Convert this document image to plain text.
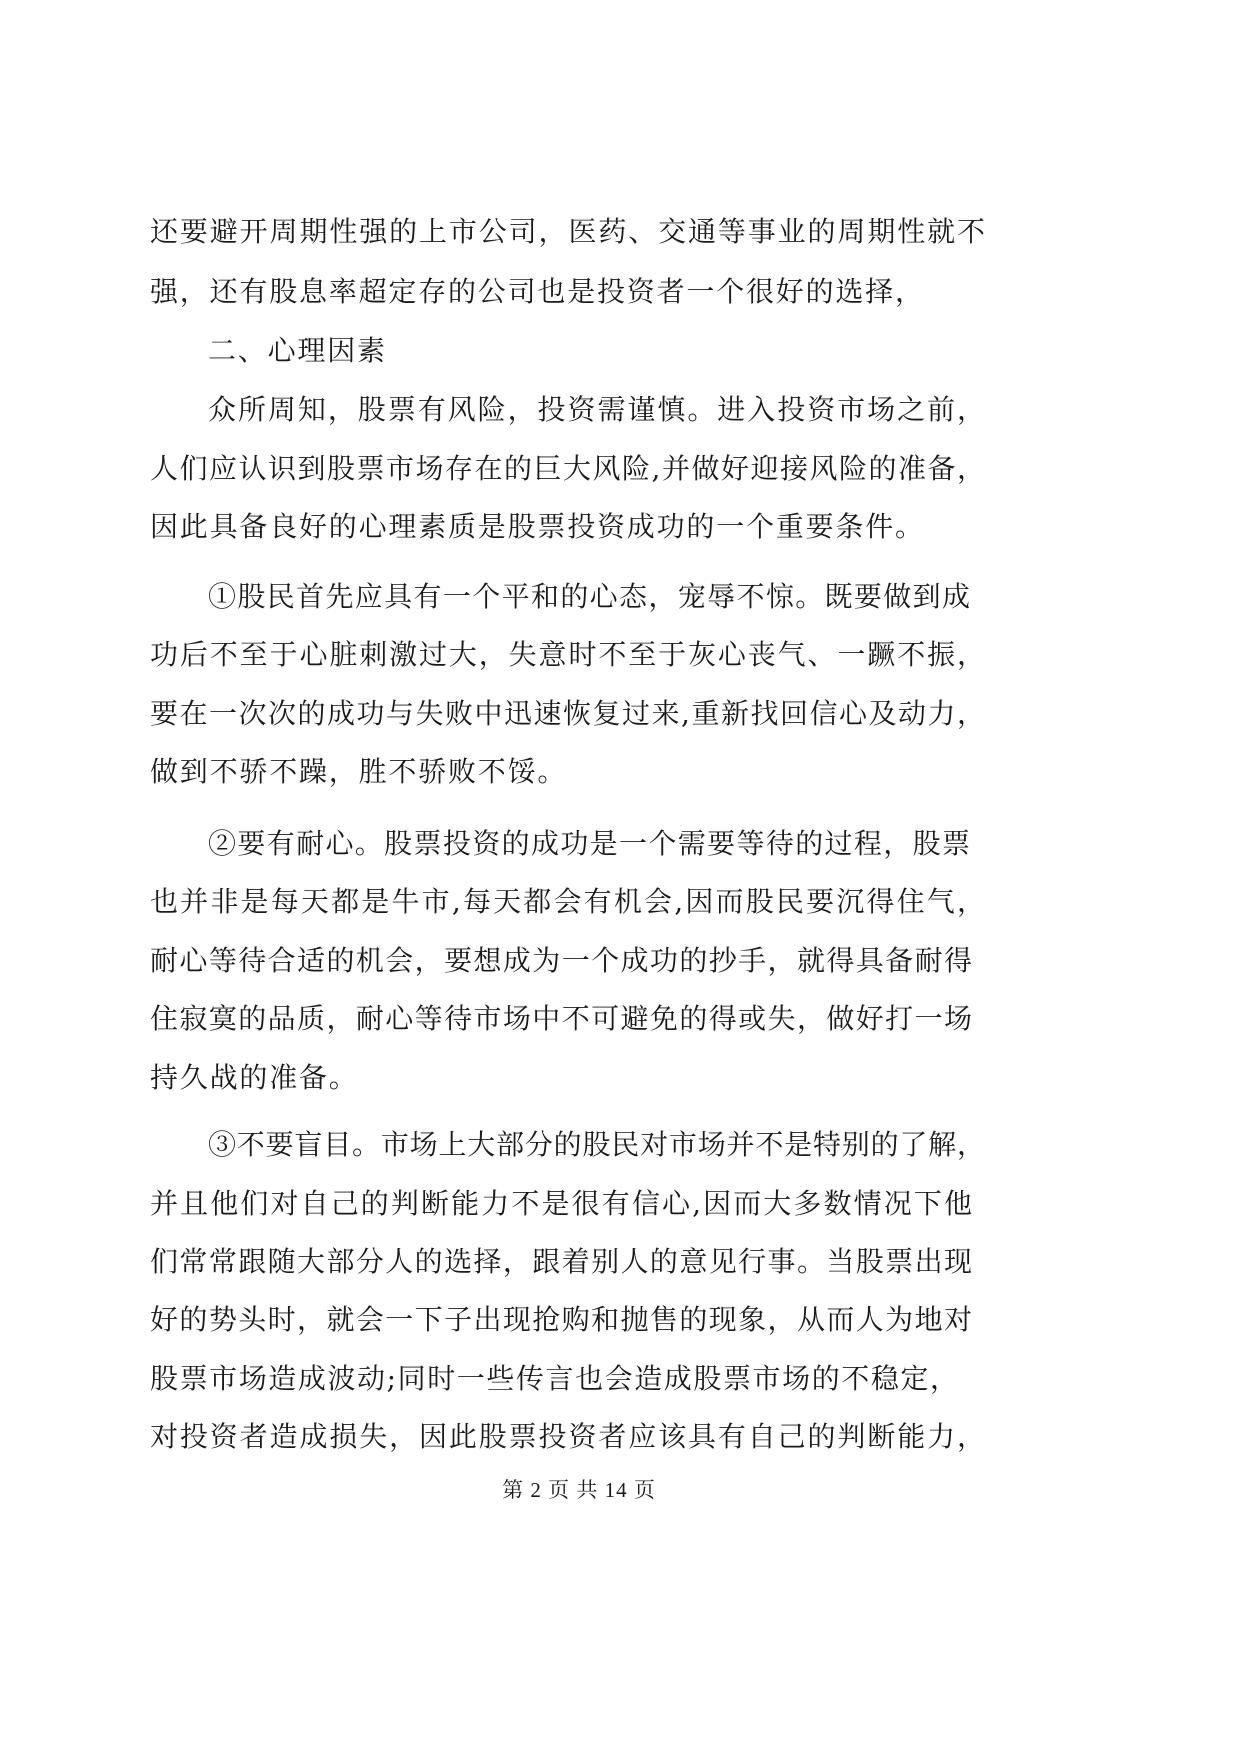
还要避开周期性强的上市公司，医药、交通等事业的周期性就不
强，还有股息率超定存的公司也是投资者一个很好的选择，
二、心理因素
众所周知，股票有风险，投资需谨慎。进入投资市场之前，
人们应认识到股票市场存在的巨大风险,并做好迎接风险的准备，
因此具备良好的心理素质是股票投资成功的一个重要条件。
①股民首先应具有一个平和的心态，宠辱不惊。既要做到成
功后不至于心脏刺激过大，失意时不至于灰心丧气、一蹶不振，
要在一次次的成功与失败中迅速恢复过来,重新找回信心及动力，
做到不骄不躁，胜不骄败不馁。
②要有耐心。股票投资的成功是一个需要等待的过程，股票
也并非是每天都是牛市,每天都会有机会,因而股民要沉得住气，
耐心等待合适的机会，要想成为一个成功的抄手，就得具备耐得
住寂寞的品质，耐心等待市场中不可避免的得或失，做好打一场
持久战的准备。
③不要盲目。市场上大部分的股民对市场并不是特别的了解，
并且他们对自己的判断能力不是很有信心,因而大多数情况下他
们常常跟随大部分人的选择，跟着别人的意见行事。当股票出现
好的势头时，就会一下子出现抢购和抛售的现象，从而人为地对
股票市场造成波动;同时一些传言也会造成股票市场的不稳定，
对投资者造成损失，因此股票投资者应该具有自己的判断能力，
第 2 页 共 14 页
